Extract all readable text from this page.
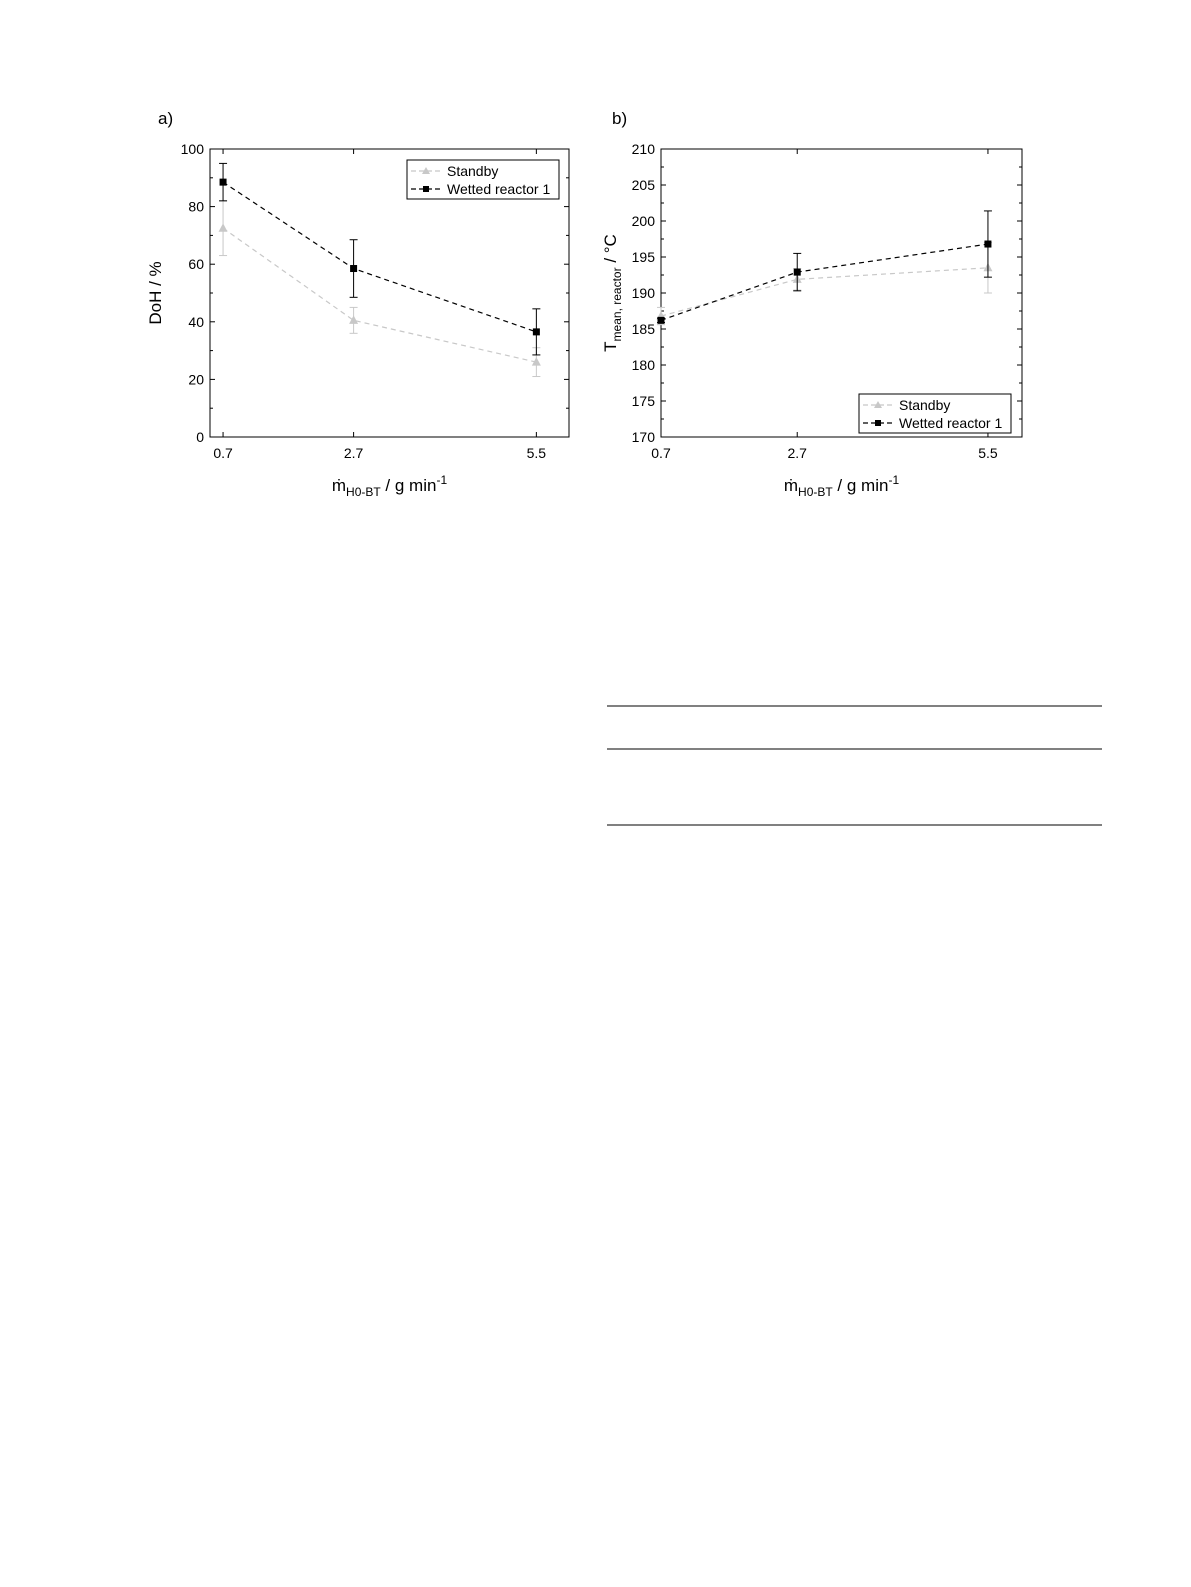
a)
0
20
40
60
80
100
0.7	2.7	5.5
ṁ$_{H0-BT}$ / g $\min^{-1}$
DoH / %
Standby
Wetted reactor 1
b)
170
175
180
185
190
195
200
205
210
0.7	2.7	5.5
ṁ$_{H0-BT}$ / g $\min^{-1}$
$T_{mean, reactor} / ^\circ C$
Standby
Wetted reactor 1
